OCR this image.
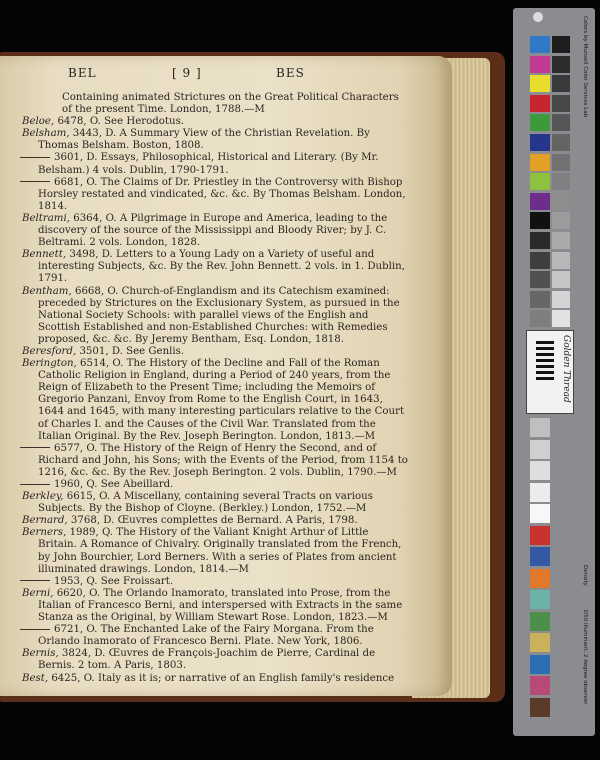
BEL	[ 9 ]	BES

Containing animated Strictures on the Great Political Characters

of the present Time. London, 1788.—M

Beloe, 6478, O. See Herodotus.

Belsham, 3443, D. A Summary View of the Christian Revelation. By Thomas Belsham. Boston, 1808.

3601, D. Essays, Philosophical, Historical and Literary. (By Mr. Belsham.) 4 vols. Dublin, 1790-1791.

6681, O. The Claims of Dr. Priestley in the Controversy with Bishop Horsley restated and vindicated, &c. &c. By Thomas Belsham. London, 1814.

Beltrami, 6364, O. A Pilgrimage in Europe and America, leading to the discovery of the source of the Mississippi and Bloody River; by J. C. Beltrami. 2 vols. London, 1828.

Bennett, 3498, D. Letters to a Young Lady on a Variety of useful and interesting Subjects, &c. By the Rev. John Bennett. 2 vols. in 1. Dublin, 1791.

Bentham, 6668, O. Church-of-Englandism and its Catechism examined: preceded by Strictures on the Exclusionary System, as pursued in the National Society Schools: with parallel views of the English and Scottish Established and non-Established Churches: with Remedies proposed, &c. &c. By Jeremy Bentham, Esq. London, 1818.

Beresford, 3501, D. See Genlis.

Berington, 6514, O. The History of the Decline and Fall of the Roman Catholic Religion in England, during a Period of 240 years, from the Reign of Elizabeth to the Present Time; including the Memoirs of Gregorio Panzani, Envoy from Rome to the English Court, in 1643, 1644 and 1645, with many interesting particulars relative to the Court of Charles I. and the Causes of the Civil War. Translated from the Italian Original. By the Rev. Joseph Berington. London, 1813.—M

6577, O. The History of the Reign of Henry the Second, and of Richard and John, his Sons; with the Events of the Period, from 1154 to 1216, &c. &c. By the Rev. Joseph Berington. 2 vols. Dublin, 1790.—M

1960, Q. See Abeillard.

Berkley, 6615, O. A Miscellany, containing several Tracts on various Subjects. By the Bishop of Cloyne. (Berkley.) London, 1752.—M

Bernard, 3768, D. Œuvres complettes de Bernard. A Paris, 1798.

Berners, 1989, Q. The History of the Valiant Knight Arthur of Little Britain. A Romance of Chivalry. Originally translated from the French, by John Bourchier, Lord Berners. With a series of Plates from ancient illuminated drawings. London, 1814.—M

1953, Q. See Froissart.

Berni, 6620, O. The Orlando Inamorato, translated into Prose, from the Italian of Francesco Berni, and interspersed with Extracts in the same Stanza as the Original, by William Stewart Rose. London, 1823.—M

6721, O. The Enchanted Lake of the Fairy Morgana. From the Orlando Inamorato of Francesco Berni. Plate. New York, 1806.

Bernis, 3824, D. Œuvres de François-Joachim de Pierre, Cardinal de Bernis. 2 tom. A Paris, 1803.

Best, 6425, O. Italy as it is; or narrative of an English family's residence

Golden Thread
Colors by Munsell Color Services Lab
Density
D50 Illuminant, 2 degree observer
